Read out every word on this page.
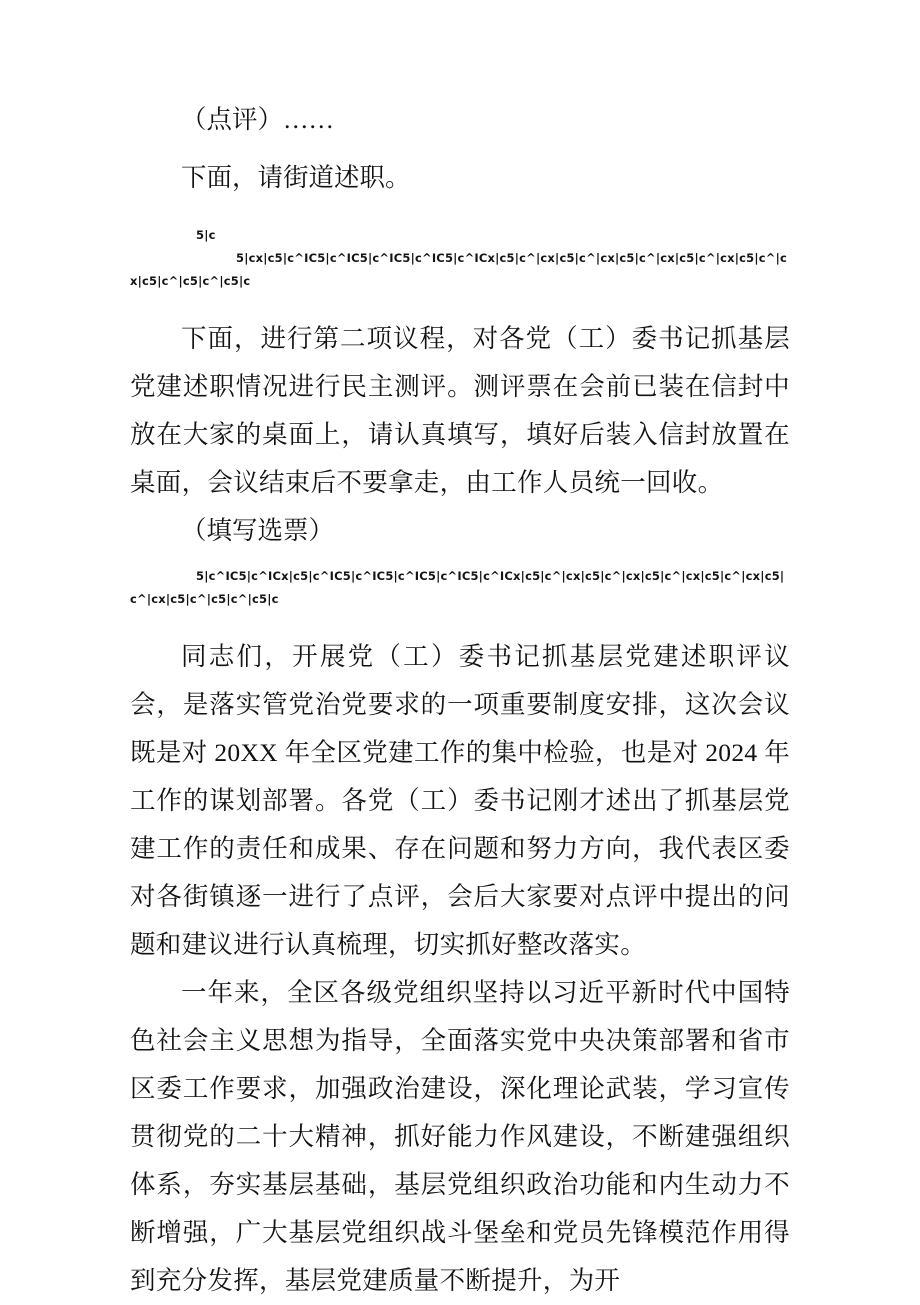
（点评）……

下面，请街道述职。

5|c

5|cx|c5|c^IC5|c^IC5|c^IC5|c^IC5|c^ICx|c5|c^|cx|c5|c^|cx|c5|c^|cx|c5|c^|cx|c5|c^|cx|c5|c^|c5|c^|c5|c

下面，进行第二项议程，对各党（工）委书记抓基层党建述职情况进行民主测评。测评票在会前已装在信封中放在大家的桌面上，请认真填写，填好后装入信封放置在桌面，会议结束后不要拿走，由工作人员统一回收。

（填写选票）

5|c^IC5|c^ICx|c5|c^IC5|c^IC5|c^IC5|c^IC5|c^ICx|c5|c^|cx|c5|c^|cx|c5|c^|cx|c5|c^|cx|c5|c^|cx|c5|c^|c5|c^|c5|c

同志们，开展党（工）委书记抓基层党建述职评议会，是落实管党治党要求的一项重要制度安排，这次会议既是对 20XX 年全区党建工作的集中检验，也是对 2024 年工作的谋划部署。各党（工）委书记刚才述出了抓基层党建工作的责任和成果、存在问题和努力方向，我代表区委对各街镇逐一进行了点评，会后大家要对点评中提出的问题和建议进行认真梳理，切实抓好整改落实。

一年来，全区各级党组织坚持以习近平新时代中国特色社会主义思想为指导，全面落实党中央决策部署和省市区委工作要求，加强政治建设，深化理论武装，学习宣传贯彻党的二十大精神，抓好能力作风建设，不断建强组织体系，夯实基层基础，基层党组织政治功能和内生动力不断增强，广大基层党组织战斗堡垒和党员先锋模范作用得到充分发挥，基层党建质量不断提升，为开
